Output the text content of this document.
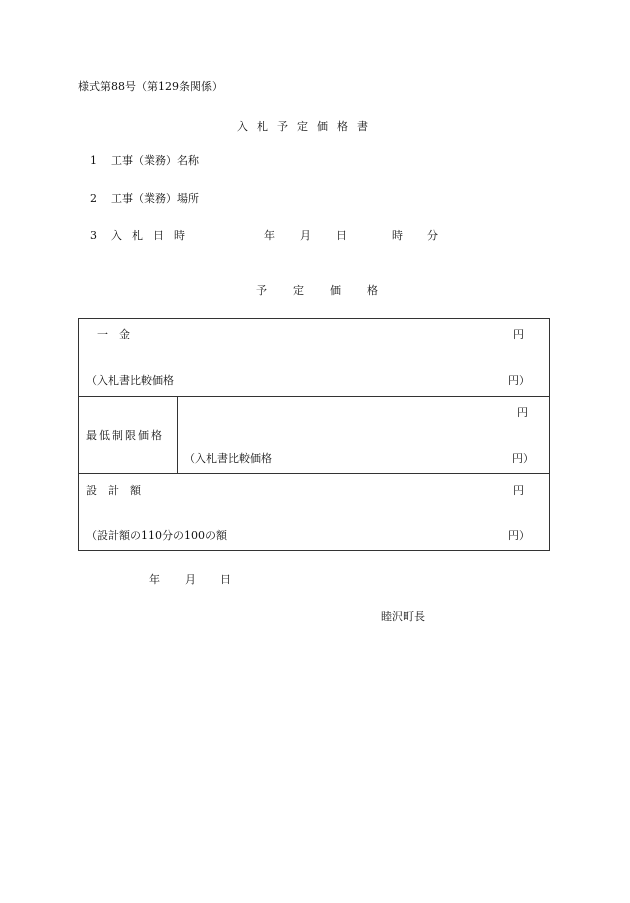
様式第88号（第129条関係）
入札予定価格書
1 工事（業務）名称
2 工事（業務）場所
3 入札日時	年 月 日	時 分
予定価格
一　金	円
（入札書比較価格	円）
最低制限価格
円
（入札書比較価格	円）
設　計　額	円
（設計額の110分の100の額	円）
年 月 日
睦沢町長
